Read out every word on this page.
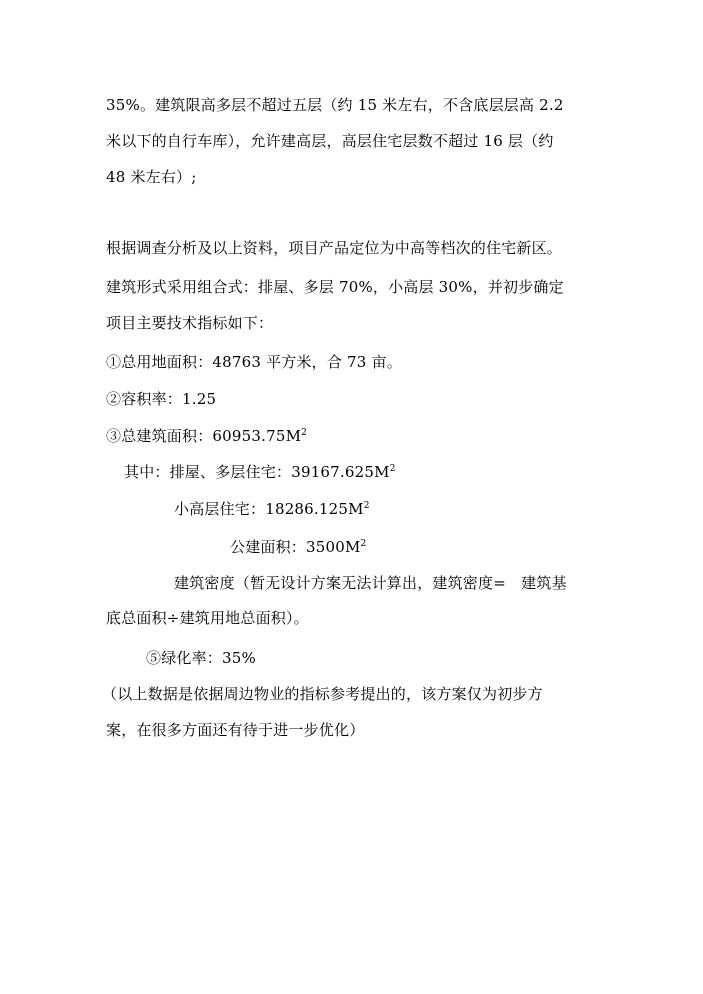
35%。建筑限高多层不超过五层（约 15 米左右，不含底层层高 2.2
米以下的自行车库），允许建高层，高层住宅层数不超过 16 层（约
48 米左右）;
根据调查分析及以上资料，项目产品定位为中高等档次的住宅新区。
建筑形式采用组合式：排屋、多层 70%，小高层 30%，并初步确定
项目主要技术指标如下：
①总用地面积：48763 平方米，合 73 亩。
②容积率：1.25
③总建筑面积：$60953.75M^2$
其中：排屋、多层住宅：$39167.625M^2$
小高层住宅：$18286.125M^2$
公建面积：$3500M^2$
建筑密度（暂无设计方案无法计算出，建筑密度=　建筑基
底总面积÷建筑用地总面积）。
⑤绿化率：35%
（以上数据是依据周边物业的指标参考提出的，该方案仅为初步方
案，在很多方面还有待于进一步优化）
